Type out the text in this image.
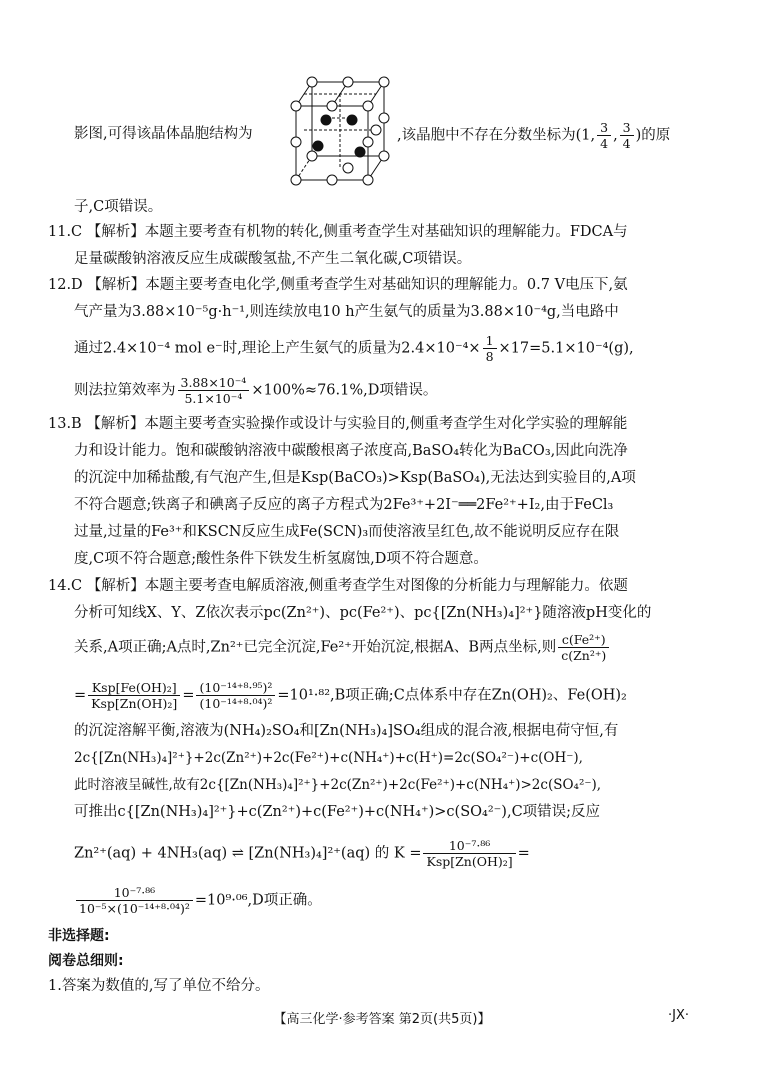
影图,可得该晶体晶胞结构为	,该晶胞中不存在分数坐标为(1, $\frac{3}{4}$ , $\frac{3}{4}$ )的原
子,C项错误。
11.C 【解析】本题主要考查有机物的转化,侧重考查学生对基础知识的理解能力。FDCA与
足量碳酸钠溶液反应生成碳酸氢盐,不产生二氧化碳,C项错误。
12.D 【解析】本题主要考查电化学,侧重考查学生对基础知识的理解能力。0.7 V电压下,氨
气产量为3.88×10⁻⁵g·h⁻¹,则连续放电10 h产生氨气的质量为3.88×10⁻⁴g,当电路中
通过2.4×10⁻⁴ mol e⁻时,理论上产生氨气的质量为$2.4\times 10^{-4}\times \frac{1}{8} \times 17=5.1\times 10^{-4}(g)$,
则法拉第效率为 $\frac{\text{3.88×10⁻⁴}}{\text{5.1×10⁻⁴}} \times 100\%\approx 76.1\%,D$项错误。
13.B 【解析】本题主要考查实验操作或设计与实验目的,侧重考查学生对化学实验的理解能
力和设计能力。饱和碳酸钠溶液中碳酸根离子浓度高,BaSO₄转化为BaCO₃,因此向洗净
的沉淀中加稀盐酸,有气泡产生,但是Ksp(BaCO₃)>Ksp(BaSO₄),无法达到实验目的,A项
不符合题意;铁离子和碘离子反应的离子方程式为2Fe³⁺+2I⁻══2Fe²⁺+I₂,由于FeCl₃
过量,过量的Fe³⁺和KSCN反应生成Fe(SCN)₃而使溶液呈红色,故不能说明反应存在限
度,C项不符合题意;酸性条件下铁发生析氢腐蚀,D项不符合题意。
14.C 【解析】本题主要考查电解质溶液,侧重考查学生对图像的分析能力与理解能力。依题
分析可知线X、Y、Z依次表示pc(Zn²⁺)、pc(Fe²⁺)、pc{[Zn(NH₃)₄]²⁺}随溶液pH变化的
关系,A项正确;A点时,Zn²⁺已完全沉淀,Fe²⁺开始沉淀,根据A、B两点坐标,则 $\frac{\text{c(Fe²⁺)}}{\text{c(Zn²⁺)}}$
= $\frac{\text{Ksp[Fe(OH)₂]}}{\text{Ksp[Zn(OH)₂]}} = \frac{\text{(10⁻¹⁴⁺⁸·⁹⁵)²}}{\text{(10⁻¹⁴⁺⁸·⁰⁴)²}} =10^1\cdot^{82},B$项正确;C点体系中存在Zn(OH)₂、Fe(OH)₂
的沉淀溶解平衡,溶液为(NH₄)₂SO₄和[Zn(NH₃)₄]SO₄组成的混合液,根据电荷守恒,有
2c{[Zn(NH₃)₄]²⁺}+2c(Zn²⁺)+2c(Fe²⁺)+c(NH₄⁺)+c(H⁺)=2c(SO₄²⁻)+c(OH⁻),
此时溶液呈碱性,故有2c{[Zn(NH₃)₄]²⁺}+2c(Zn²⁺)+2c(Fe²⁺)+c(NH₄⁺)>2c(SO₄²⁻),
可推出c{[Zn(NH₃)₄]²⁺}+c(Zn²⁺)+c(Fe²⁺)+c(NH₄⁺)>c(SO₄²⁻),C项错误;反应
Zn²⁺(aq) + 4NH₃(aq) ⇌ [Zn(NH₃)₄]²⁺(aq) 的 $K = \frac{\text{10⁻⁷·⁸⁶}}{\text{Ksp[Zn(OH)₂]}}$ =
$\frac{\text{10⁻⁷·⁸⁶}}{\text{10⁻⁵×(10⁻¹⁴⁺⁸·⁰⁴)²}} =10^9\cdot^{06},D$项正确。
非选择题:
阅卷总细则:
1.答案为数值的,写了单位不给分。
【高三化学·参考答案 第2页(共5页)】	·JX·
